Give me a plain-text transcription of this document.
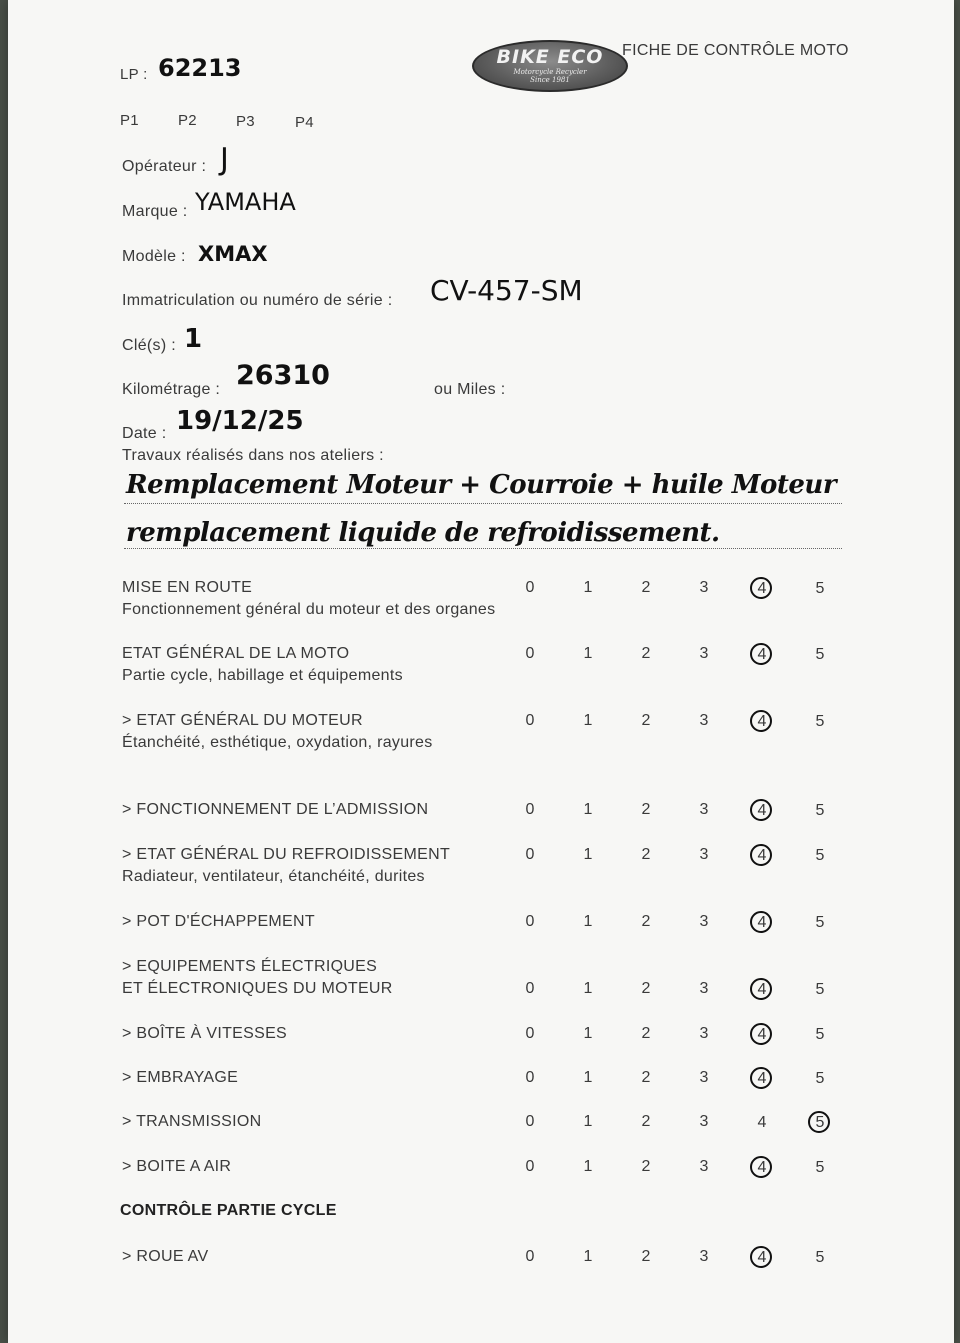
LP : 62213	BIKE ECO
Motorcycle Recycler
Since 1981
FICHE DE CONTRÔLE MOTO
P1	P2	P3	P4
Opérateur : J
Marque : YAMAHA
Modèle : XMAX
Immatriculation ou numéro de série : CV-457-SM
Clé(s) : 1
Kilométrage : 26310	ou Miles :
Date : 19/12/25
Travaux réalisés dans nos ateliers :
Remplacement Moteur + Courroie + huile Moteur
remplacement liquide de refroidissement.
CONTRÔLE PARTIE CYCLE
MISE EN ROUTE
Fonctionnement général du moteur et des organes
0	1	2	3	4	5
ETAT GÉNÉRAL DE LA MOTO
Partie cycle, habillage et équipements
0	1	2	3	4	5
> ETAT GÉNÉRAL DU MOTEUR
Étanchéité, esthétique, oxydation, rayures
0	1	2	3	4	5
> FONCTIONNEMENT DE L’ADMISSION	0	1	2	3	4	5
> ETAT GÉNÉRAL DU REFROIDISSEMENT
Radiateur, ventilateur, étanchéité, durites
0	1	2	3	4	5
> POT D'ÉCHAPPEMENT	0	1	2	3	4	5
> EQUIPEMENTS ÉLECTRIQUES
ET ÉLECTRONIQUES DU MOTEUR	0	1	2	3	4	5
> BOÎTE À VITESSES	0	1	2	3	4	5
> EMBRAYAGE	0	1	2	3	4	5
> TRANSMISSION	0	1	2	3	4	5
> BOITE A AIR	0	1	2	3	4	5
> ROUE AV	0	1	2	3	4	5
